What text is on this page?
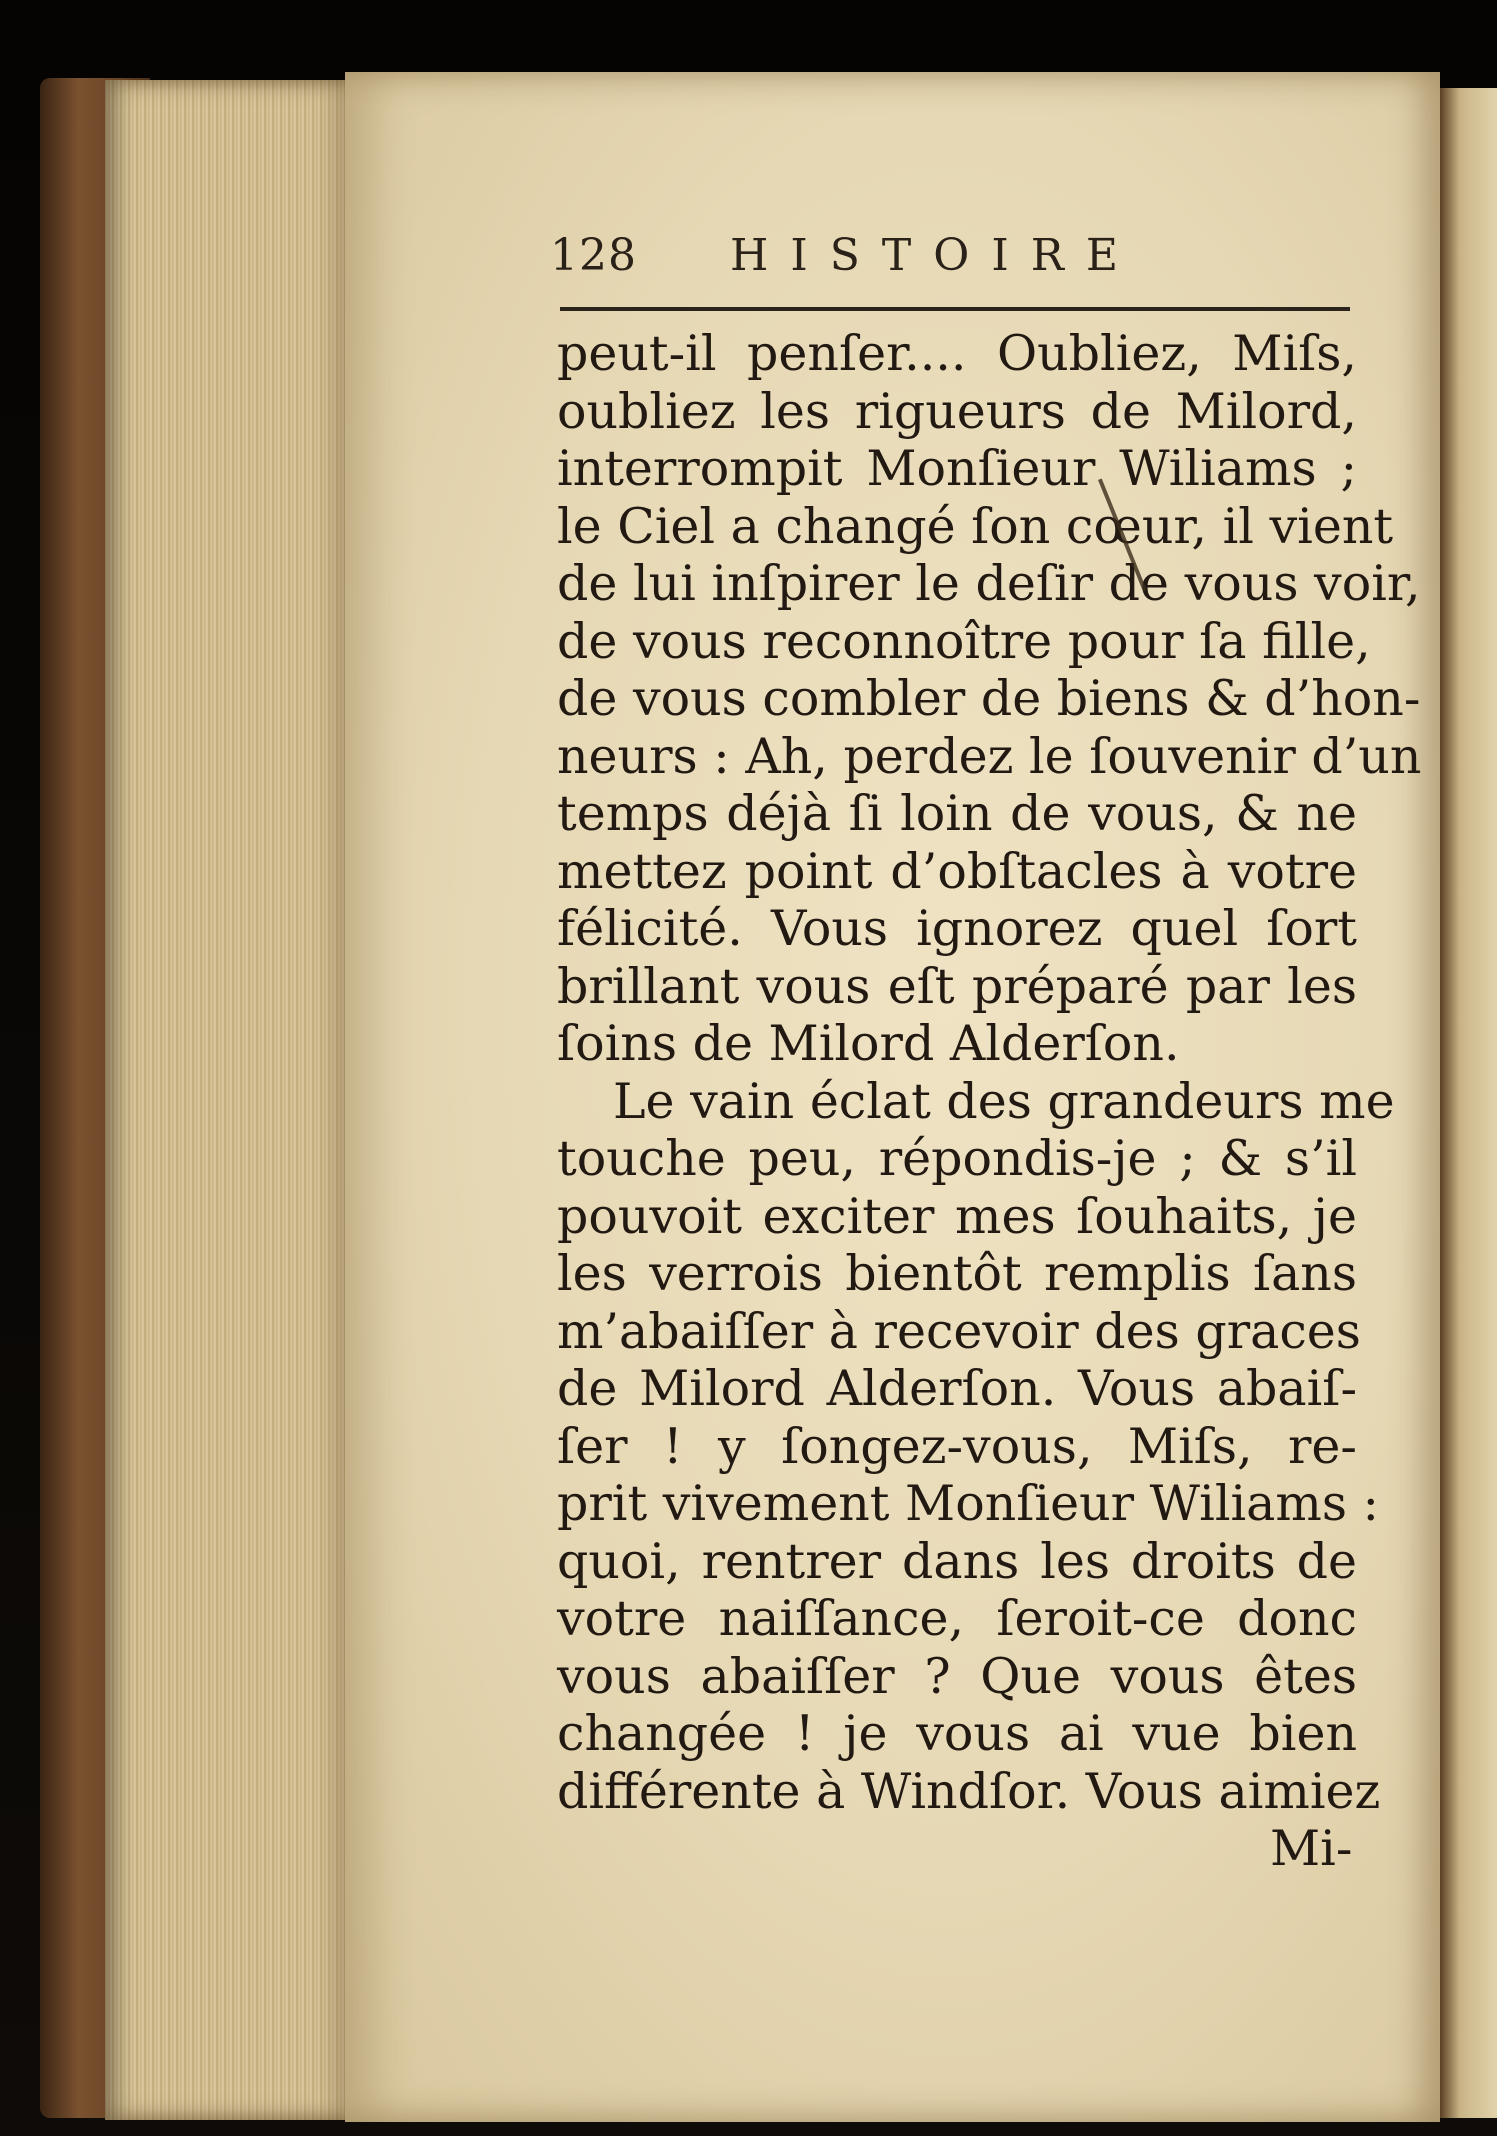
128 HISTOIRE
peut-il penſer.... Oubliez, Miſs,
oubliez les rigueurs de Milord,
interrompit Monſieur Wiliams ;
le Ciel a changé ſon cœur, il vient
de lui inſpirer le deſir de vous voir,
de vous reconnoître pour ſa fille,
de vous combler de biens & d’hon-
neurs : Ah, perdez le ſouvenir d’un
temps déjà ſi loin de vous, & ne
mettez point d’obſtacles à votre
félicité. Vous ignorez quel ſort
brillant vous eſt préparé par les
ſoins de Milord Alderſon.
Le vain éclat des grandeurs me
touche peu, répondis-je ; & s’il
pouvoit exciter mes ſouhaits, je
les verrois bientôt remplis ſans
m’abaiſſer à recevoir des graces
de Milord Alderſon. Vous abaiſ-
ſer ! y ſongez-vous, Miſs, re-
prit vivement Monſieur Wiliams :
quoi, rentrer dans les droits de
votre naiſſance, ſeroit-ce donc
vous abaiſſer ? Que vous êtes
changée ! je vous ai vue bien
différente à Windſor. Vous aimiez
Mi-
